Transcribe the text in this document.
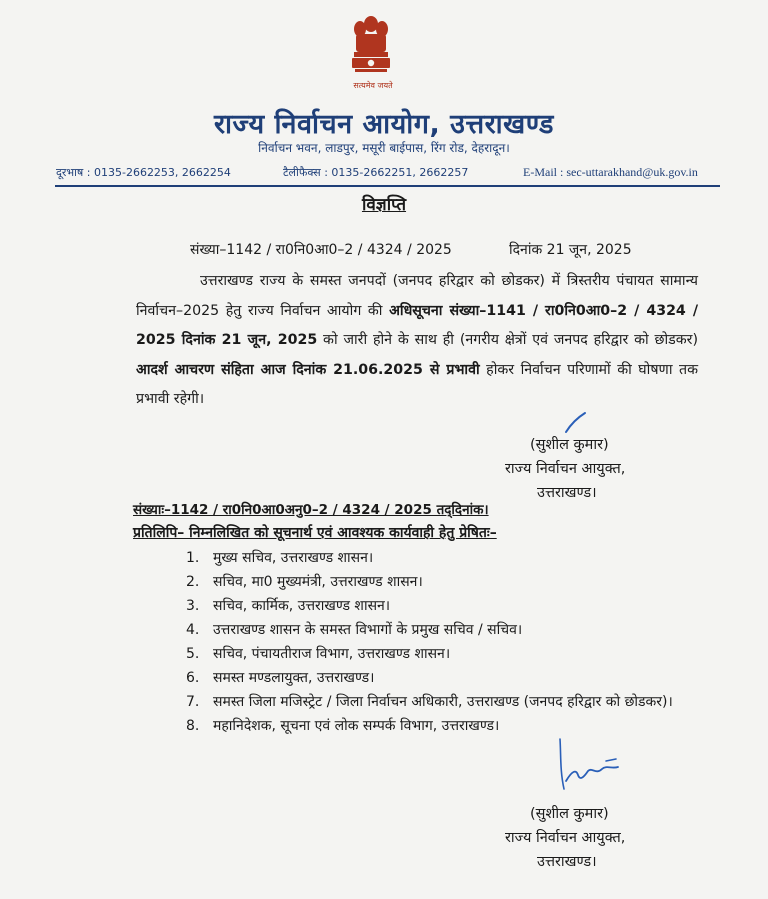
सत्यमेव जयते
राज्य निर्वाचन आयोग, उत्तराखण्ड
निर्वाचन भवन, लाडपुर, मसूरी बाईपास, रिंग रोड, देहरादून।
दूरभाष : 0135-2662253, 2662254	टैलीफैक्स : 0135-2662251, 2662257	E-Mail : sec-uttarakhand@uk.gov.in
विज्ञप्ति
संख्या–1142 / रा0नि0आ0–2 / 4324 / 2025	दिनांक 21 जून, 2025
उत्तराखण्ड राज्य के समस्त जनपदों (जनपद हरिद्वार को छोडकर) में त्रिस्तरीय पंचायत सामान्य निर्वाचन–2025 हेतु राज्य निर्वाचन आयोग की अधिसूचना संख्या–1141 / रा0नि0आ0–2 / 4324 / 2025 दिनांक 21 जून, 2025 को जारी होने के साथ ही (नगरीय क्षेत्रों एवं जनपद हरिद्वार को छोडकर) आदर्श आचरण संहिता आज दिनांक 21.06.2025 से प्रभावी होकर निर्वाचन परिणामों की घोषणा तक प्रभावी रहेगी।
(सुशील कुमार)
राज्य निर्वाचन आयुक्त,
उत्तराखण्ड।
संख्याः–1142 / रा0नि0आ0अनु0–2 / 4324 / 2025 तद्‌दिनांक।
प्रतिलिपि– निम्नलिखित को सूचनार्थ एवं आवश्यक कार्यवाही हेतु प्रेषितः–
1. मुख्य सचिव, उत्तराखण्ड शासन।
2. सचिव, मा0 मुख्यमंत्री, उत्तराखण्ड शासन।
3. सचिव, कार्मिक, उत्तराखण्ड शासन।
4. उत्तराखण्ड शासन के समस्त विभागों के प्रमुख सचिव / सचिव।
5. सचिव, पंचायतीराज विभाग, उत्तराखण्ड शासन।
6. समस्त मण्डलायुक्त, उत्तराखण्ड।
7. समस्त जिला मजिस्ट्रेट / जिला निर्वाचन अधिकारी, उत्तराखण्ड (जनपद हरिद्वार को छोडकर)।
8. महानिदेशक, सूचना एवं लोक सम्पर्क विभाग, उत्तराखण्ड।
(सुशील कुमार)
राज्य निर्वाचन आयुक्त,
उत्तराखण्ड।
